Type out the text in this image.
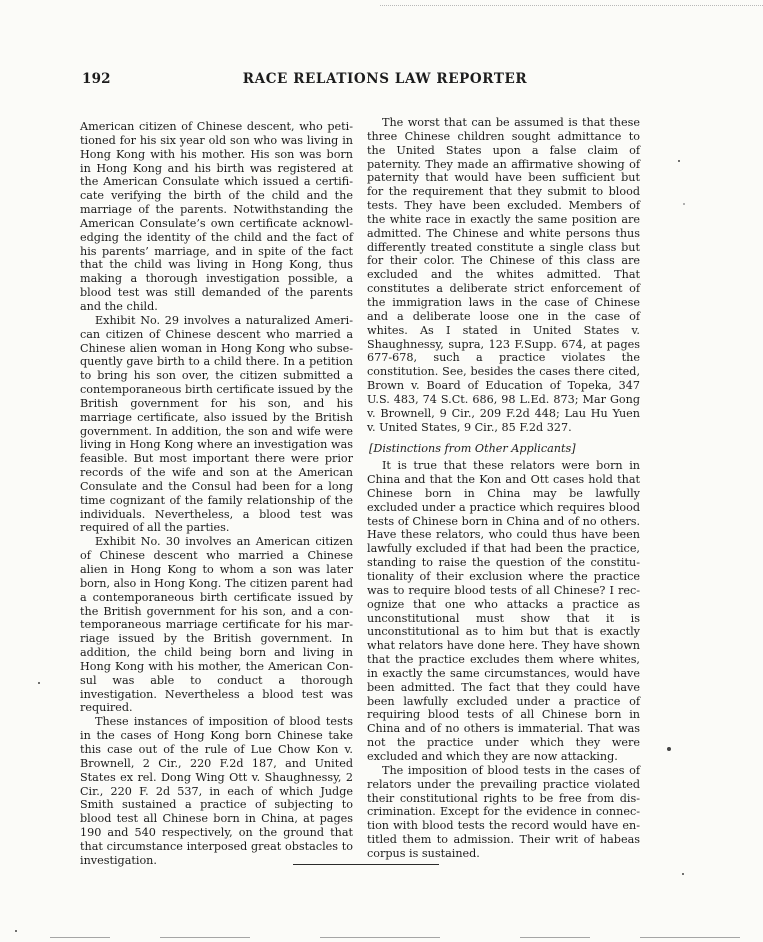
192	RACE RELATIONS LAW REPORTER

American citizen of Chinese descent, who petitioned for his six year old son who was living in Hong Kong with his mother. His son was born in Hong Kong and his birth was registered at the American Consulate which issued a certificate verifying the birth of the child and the marriage of the parents. Notwithstanding the American Consulate’s own certificate acknowledging the identity of the child and the fact of his parents’ marriage, and in spite of the fact that the child was living in Hong Kong, thus making a thorough investigation possible, a blood test was still demanded of the parents and the child.

Exhibit No. 29 involves a naturalized American citizen of Chinese descent who married a Chinese alien woman in Hong Kong who subsequently gave birth to a child there. In a petition to bring his son over, the citizen submitted a contemporaneous birth certificate issued by the British government for his son, and his marriage certificate, also issued by the British government. In addition, the son and wife were living in Hong Kong where an investigation was feasible. But most important there were prior records of the wife and son at the American Consulate and the Consul had been for a long time cognizant of the family relationship of the individuals. Nevertheless, a blood test was required of all the parties.

Exhibit No. 30 involves an American citizen of Chinese descent who married a Chinese alien in Hong Kong to whom a son was later born, also in Hong Kong. The citizen parent had a contemporaneous birth certificate issued by the British government for his son, and a contemporaneous marriage certificate for his marriage issued by the British government. In addition, the child being born and living in Hong Kong with his mother, the American Consul was able to conduct a thorough investigation. Nevertheless a blood test was required.

These instances of imposition of blood tests in the cases of Hong Kong born Chinese take this case out of the rule of Lue Chow Kon v. Brownell, 2 Cir., 220 F.2d 187, and United States ex rel. Dong Wing Ott v. Shaughnessy, 2 Cir., 220 F. 2d 537, in each of which Judge Smith sustained a practice of subjecting to blood test all Chinese born in China, at pages 190 and 540 respectively, on the ground that that circumstance interposed great obstacles to investigation.

The worst that can be assumed is that these three Chinese children sought admittance to the United States upon a false claim of paternity. They made an affirmative showing of paternity that would have been sufficient but for the requirement that they submit to blood tests. They have been excluded. Members of the white race in exactly the same position are admitted. The Chinese and white persons thus differently treated constitute a single class but for their color. The Chinese of this class are excluded and the whites admitted. That constitutes a deliberate strict enforcement of the immigration laws in the case of Chinese and a deliberate loose one in the case of whites. As I stated in United States v. Shaughnessy, supra, 123 F.Supp. 674, at pages 677-678, such a practice violates the constitution. See, besides the cases there cited, Brown v. Board of Education of Topeka, 347 U.S. 483, 74 S.Ct. 686, 98 L.Ed. 873; Mar Gong v. Brownell, 9 Cir., 209 F.2d 448; Lau Hu Yuen v. United States, 9 Cir., 85 F.2d 327.

[Distinctions from Other Applicants]

It is true that these relators were born in China and that the Kon and Ott cases hold that Chinese born in China may be lawfully excluded under a practice which requires blood tests of Chinese born in China and of no others. Have these relators, who could thus have been lawfully excluded if that had been the practice, standing to raise the question of the constitutionality of their exclusion where the practice was to require blood tests of all Chinese? I recognize that one who attacks a practice as unconstitutional must show that it is unconstitutional as to him but that is exactly what relators have done here. They have shown that the practice excludes them where whites, in exactly the same circumstances, would have been admitted. The fact that they could have been lawfully excluded under a practice of requiring blood tests of all Chinese born in China and of no others is immaterial. That was not the practice under which they were excluded and which they are now attacking.

The imposition of blood tests in the cases of relators under the prevailing practice violated their constitutional rights to be free from discrimination. Except for the evidence in connection with blood tests the record would have entitled them to admission. Their writ of habeas corpus is sustained.
